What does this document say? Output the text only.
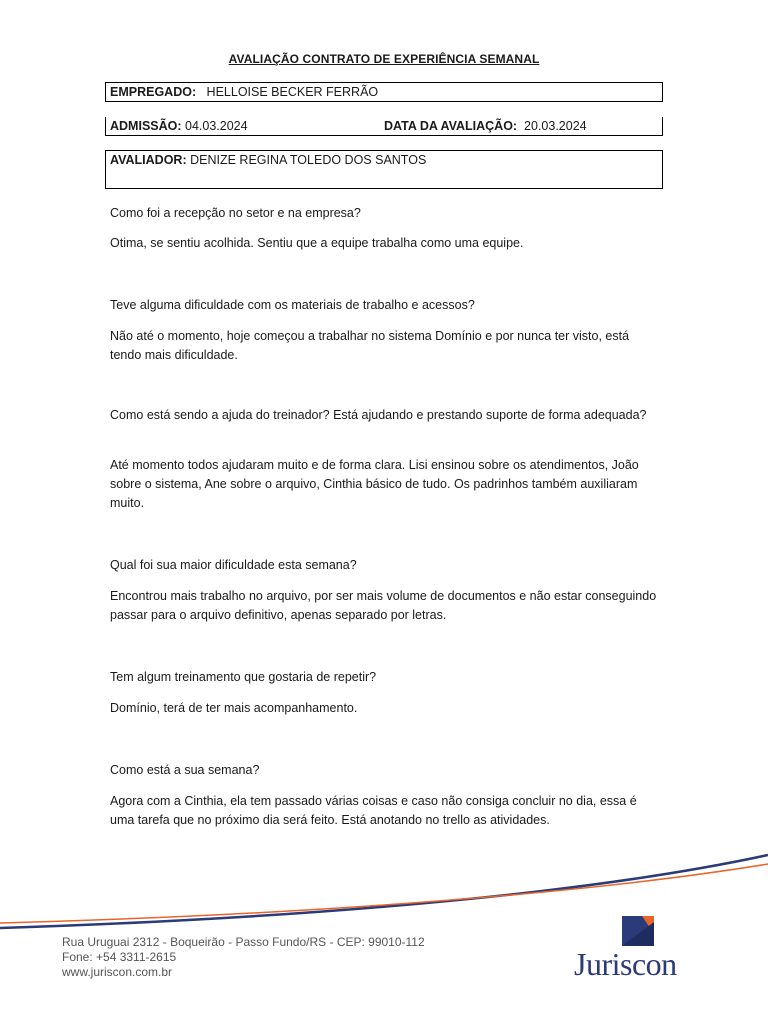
AVALIAÇÃO CONTRATO DE EXPERIÊNCIA SEMANAL
EMPREGADO: HELLOISE BECKER FERRÃO
ADMISSÃO: 04.03.2024	DATA DA AVALIAÇÃO: 20.03.2024
AVALIADOR: DENIZE REGINA TOLEDO DOS SANTOS
Como foi a recepção no setor e na empresa?
Otima, se sentiu acolhida. Sentiu que a equipe trabalha como uma equipe.
Teve alguma dificuldade com os materiais de trabalho e acessos?
Não até o momento, hoje começou a trabalhar no sistema Domínio e por nunca ter visto, está tendo mais dificuldade.
Como está sendo a ajuda do treinador? Está ajudando e prestando suporte de forma adequada?
Até momento todos ajudaram muito e de forma clara. Lisi ensinou sobre os atendimentos, João sobre o sistema, Ane sobre o arquivo, Cinthia básico de tudo. Os padrinhos também auxiliaram muito.
Qual foi sua maior dificuldade esta semana?
Encontrou mais trabalho no arquivo, por ser mais volume de documentos e não estar conseguindo passar para o arquivo definitivo, apenas separado por letras.
Tem algum treinamento que gostaria de repetir?
Domínio, terá de ter mais acompanhamento.
Como está a sua semana?
Agora com a Cinthia, ela tem passado várias coisas e caso não consiga concluir no dia, essa é uma tarefa que no próximo dia será feito. Está anotando no trello as atividades.
Rua Uruguai 2312 - Boqueirão - Passo Fundo/RS - CEP: 99010-112
Fone: +54 3311-2615
www.juriscon.com.br	Juriscon
